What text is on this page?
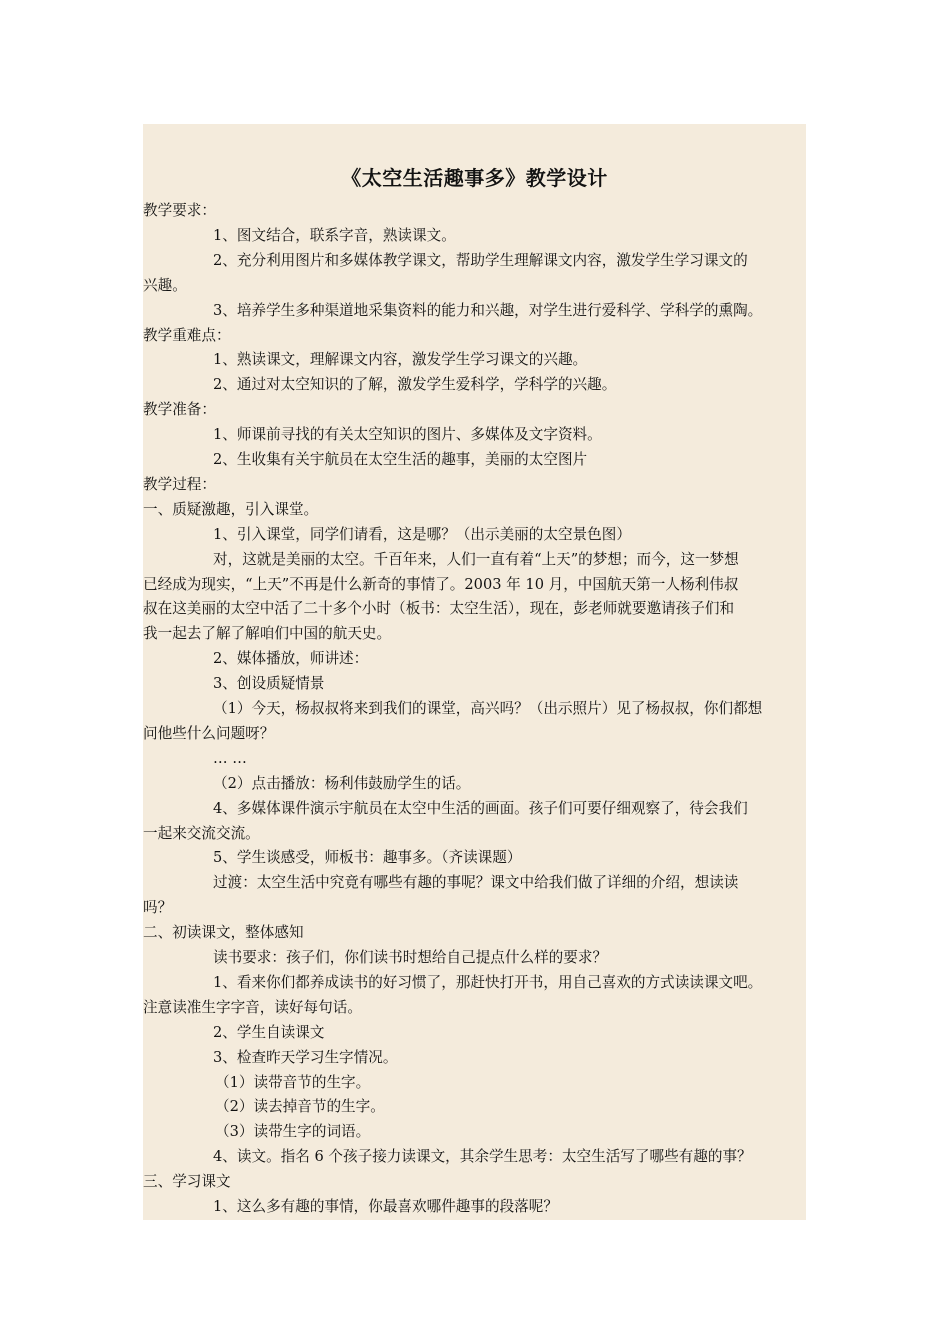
《太空生活趣事多》教学设计
教学要求：
1、图文结合，联系字音，熟读课文。
2、充分利用图片和多媒体教学课文，帮助学生理解课文内容，激发学生学习课文的
兴趣。
3、培养学生多种渠道地采集资料的能力和兴趣，对学生进行爱科学、学科学的熏陶。
教学重难点：
1、熟读课文，理解课文内容，激发学生学习课文的兴趣。
2、通过对太空知识的了解，激发学生爱科学，学科学的兴趣。
教学准备：
1、师课前寻找的有关太空知识的图片、多媒体及文字资料。
2、生收集有关宇航员在太空生活的趣事，美丽的太空图片
教学过程：
一、质疑激趣，引入课堂。
1、引入课堂，同学们请看，这是哪？（出示美丽的太空景色图）
对，这就是美丽的太空。千百年来，人们一直有着“上天”的梦想；而今，这一梦想
已经成为现实，“上天”不再是什么新奇的事情了。2003 年 10 月，中国航天第一人杨利伟叔
叔在这美丽的太空中活了二十多个小时（板书：太空生活），现在，彭老师就要邀请孩子们和
我一起去了解了解咱们中国的航天史。
2、媒体播放，师讲述：
3、创设质疑情景
（1）今天，杨叔叔将来到我们的课堂，高兴吗？（出示照片）见了杨叔叔，你们都想
问他些什么问题呀？
… …
（2）点击播放：杨利伟鼓励学生的话。
4、多媒体课件演示宇航员在太空中生活的画面。孩子们可要仔细观察了，待会我们
一起来交流交流。
5、学生谈感受，师板书：趣事多。（齐读课题）
过渡：太空生活中究竟有哪些有趣的事呢？课文中给我们做了详细的介绍，想读读
吗？
二、初读课文，整体感知
读书要求：孩子们，你们读书时想给自己提点什么样的要求？
1、看来你们都养成读书的好习惯了，那赶快打开书，用自己喜欢的方式读读课文吧。
注意读准生字字音，读好每句话。
2、学生自读课文
3、检查昨天学习生字情况。
（1）读带音节的生字。
（2）读去掉音节的生字。
（3）读带生字的词语。
4、读文。指名 6 个孩子接力读课文，其余学生思考：太空生活写了哪些有趣的事？
三、学习课文
1、这么多有趣的事情，你最喜欢哪件趣事的段落呢？
